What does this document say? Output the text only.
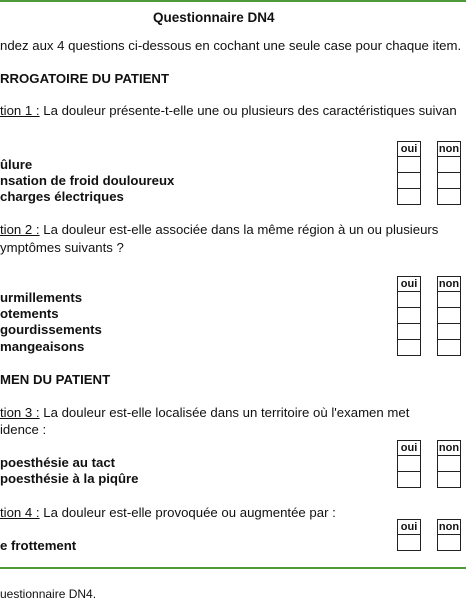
Questionnaire DN4
ndez aux 4 questions ci-dessous en cochant une seule case pour chaque item.
RROGATOIRE DU PATIENT
tion 1 : La douleur présente-t-elle une ou plusieurs des caractéristiques suivan
oui	non
ûlure
nsation de froid douloureux
charges électriques
tion 2 : La douleur est-elle associée dans la même région à un ou plusieurs
ymptômes suivants ?
oui	non
urmillements
otements
gourdissements
mangeaisons
MEN DU PATIENT
tion 3 : La douleur est-elle localisée dans un territoire où l'examen met
idence :
oui	non
poesthésie au tact
poesthésie à la piqûre
tion 4 : La douleur est-elle provoquée ou augmentée par :
oui	non
e frottement
uestionnaire DN4.
